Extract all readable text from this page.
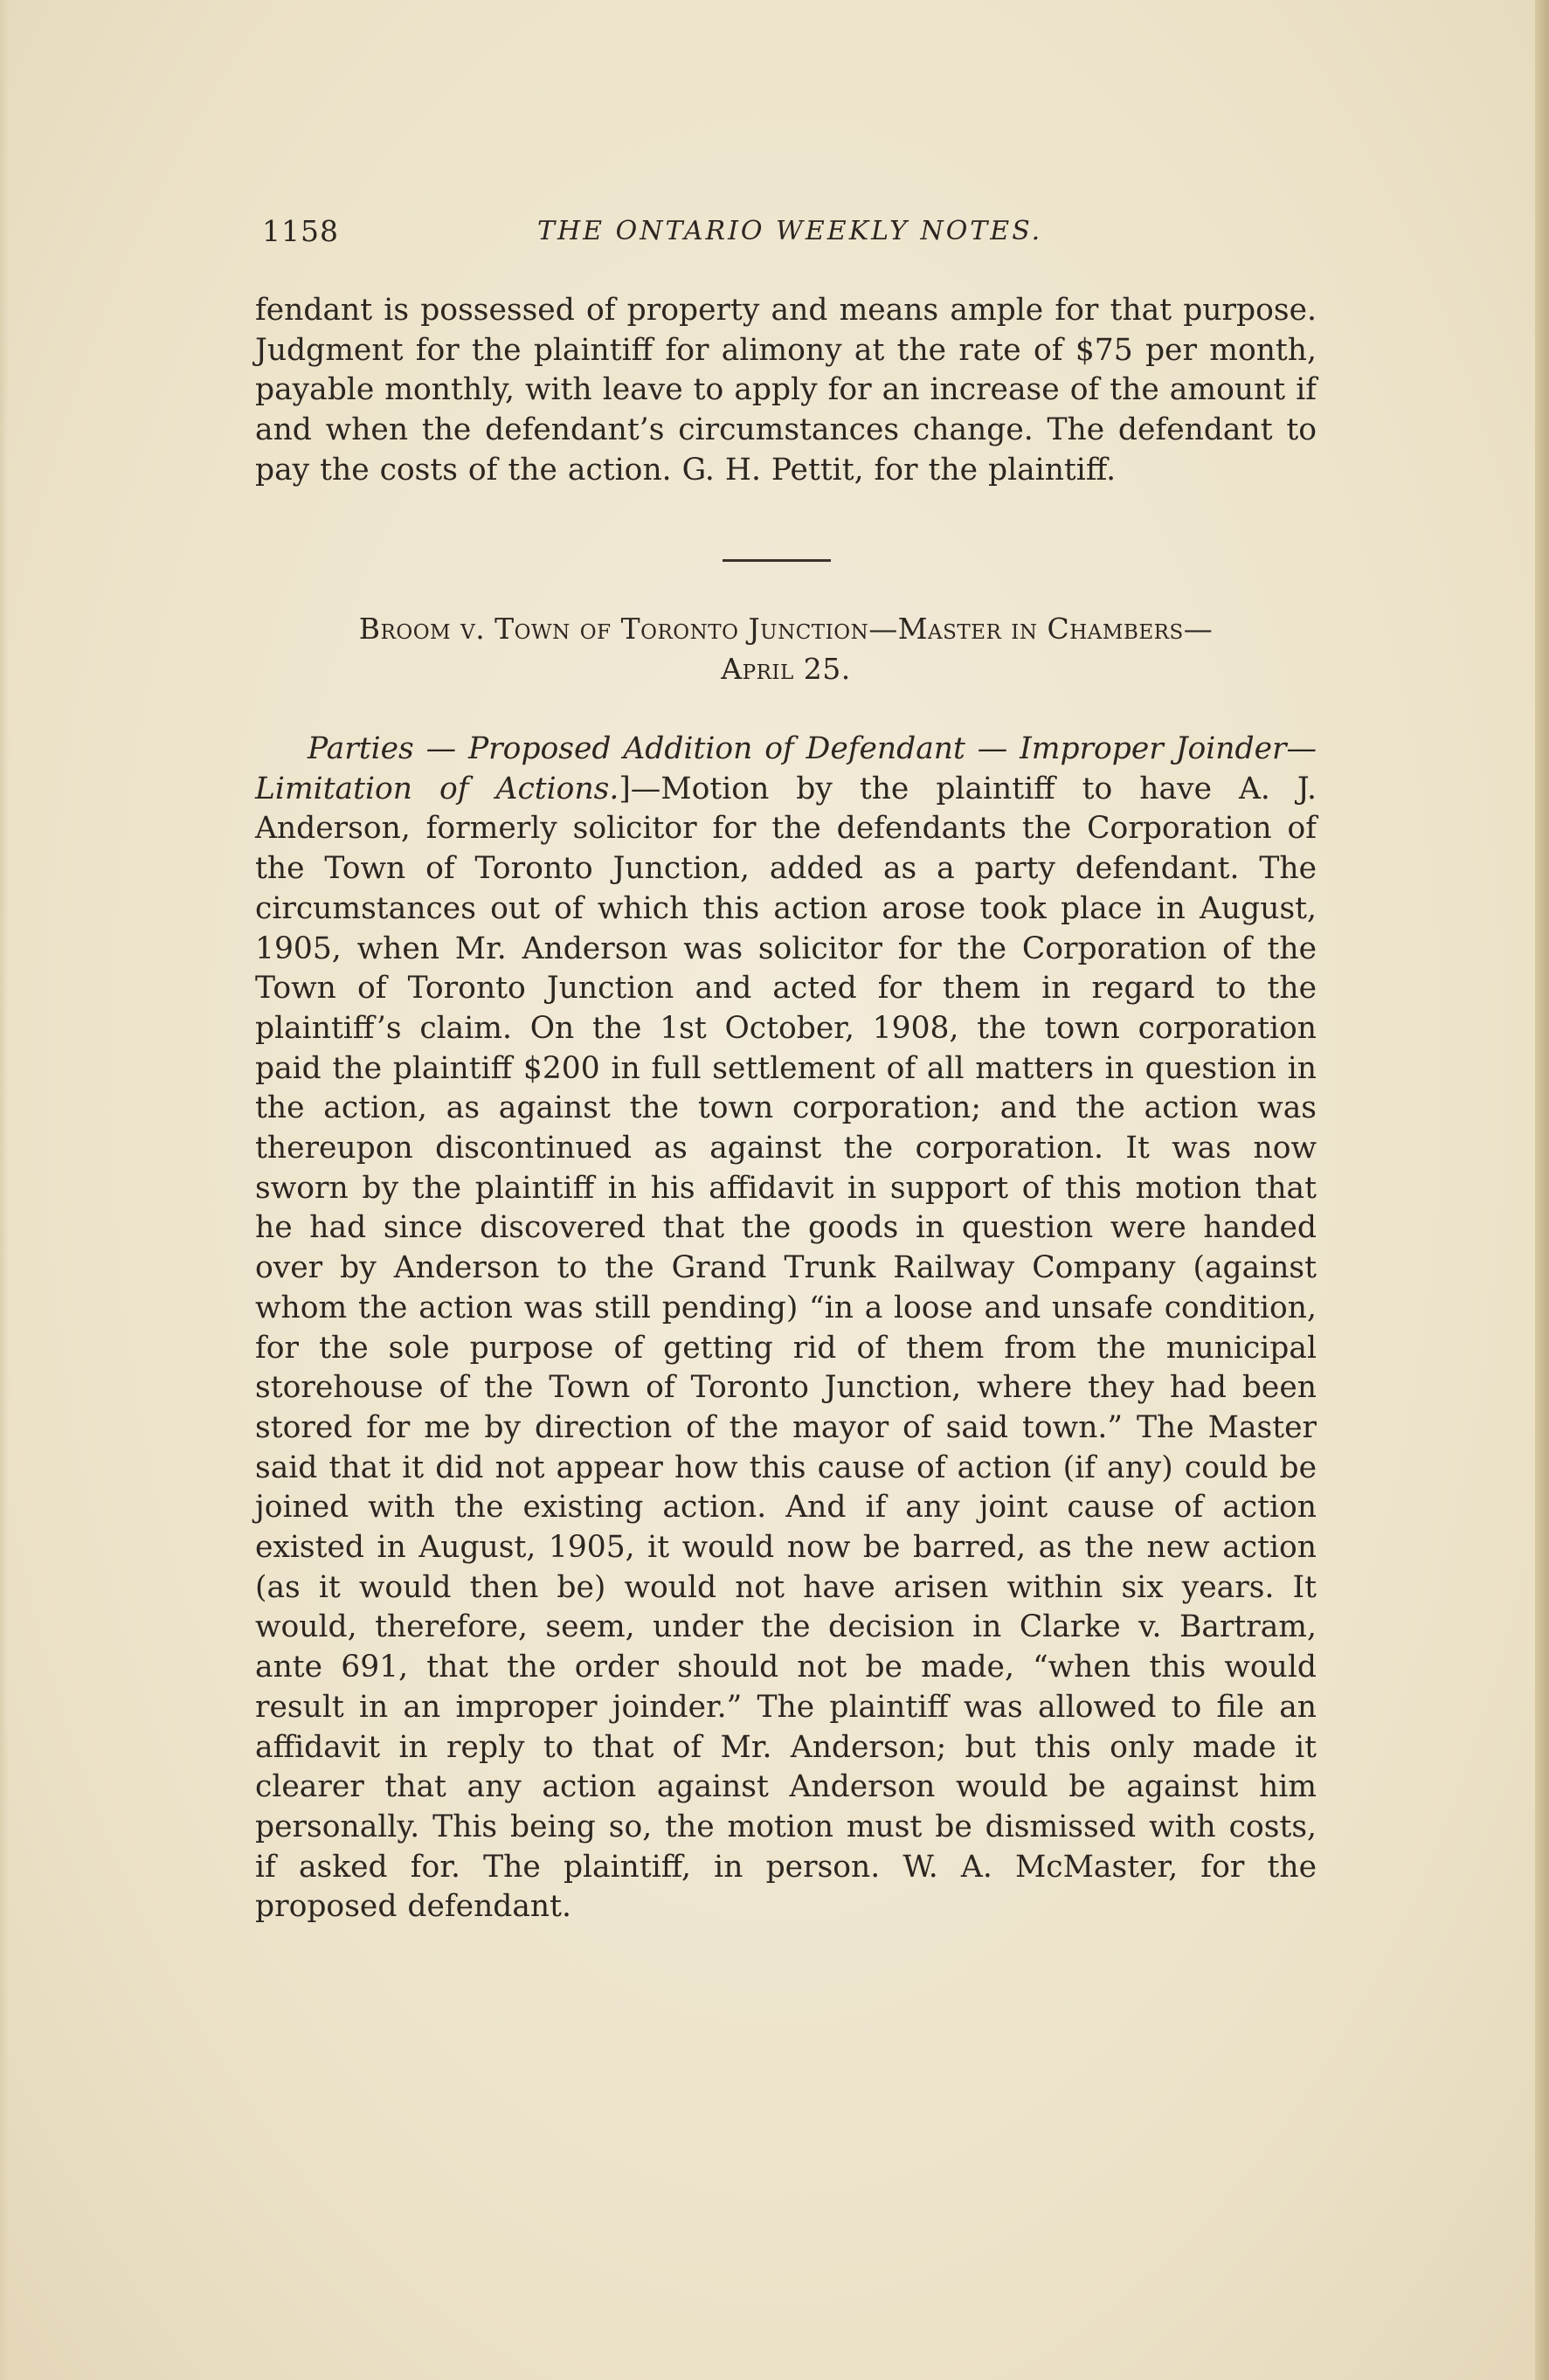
1158	THE ONTARIO WEEKLY NOTES.

fendant is possessed of property and means ample for that purpose. Judgment for the plaintiff for alimony at the rate of $75 per month, payable monthly, with leave to apply for an increase of the amount if and when the defendant’s circumstances change. The defendant to pay the costs of the action. G. H. Pettit, for the plaintiff.

Broom v. Town of Toronto Junction—Master in Chambers—
April 25.

Parties — Proposed Addition of Defendant — Improper Joinder—Limitation of Actions.]—Motion by the plaintiff to have A. J. Anderson, formerly solicitor for the defendants the Corporation of the Town of Toronto Junction, added as a party defendant. The circumstances out of which this action arose took place in August, 1905, when Mr. Anderson was solicitor for the Corporation of the Town of Toronto Junction and acted for them in regard to the plaintiff’s claim. On the 1st October, 1908, the town corporation paid the plaintiff $200 in full settlement of all matters in question in the action, as against the town corporation; and the action was thereupon discontinued as against the corporation. It was now sworn by the plaintiff in his affidavit in support of this motion that he had since discovered that the goods in question were handed over by Anderson to the Grand Trunk Railway Company (against whom the action was still pending) “in a loose and unsafe condition, for the sole purpose of getting rid of them from the municipal storehouse of the Town of Toronto Junction, where they had been stored for me by direction of the mayor of said town.” The Master said that it did not appear how this cause of action (if any) could be joined with the existing action. And if any joint cause of action existed in August, 1905, it would now be barred, as the new action (as it would then be) would not have arisen within six years. It would, therefore, seem, under the decision in Clarke v. Bartram, ante 691, that the order should not be made, “when this would result in an improper joinder.” The plaintiff was allowed to file an affidavit in reply to that of Mr. Anderson; but this only made it clearer that any action against Anderson would be against him personally. This being so, the motion must be dismissed with costs, if asked for. The plaintiff, in person. W. A. McMaster, for the proposed defendant.
